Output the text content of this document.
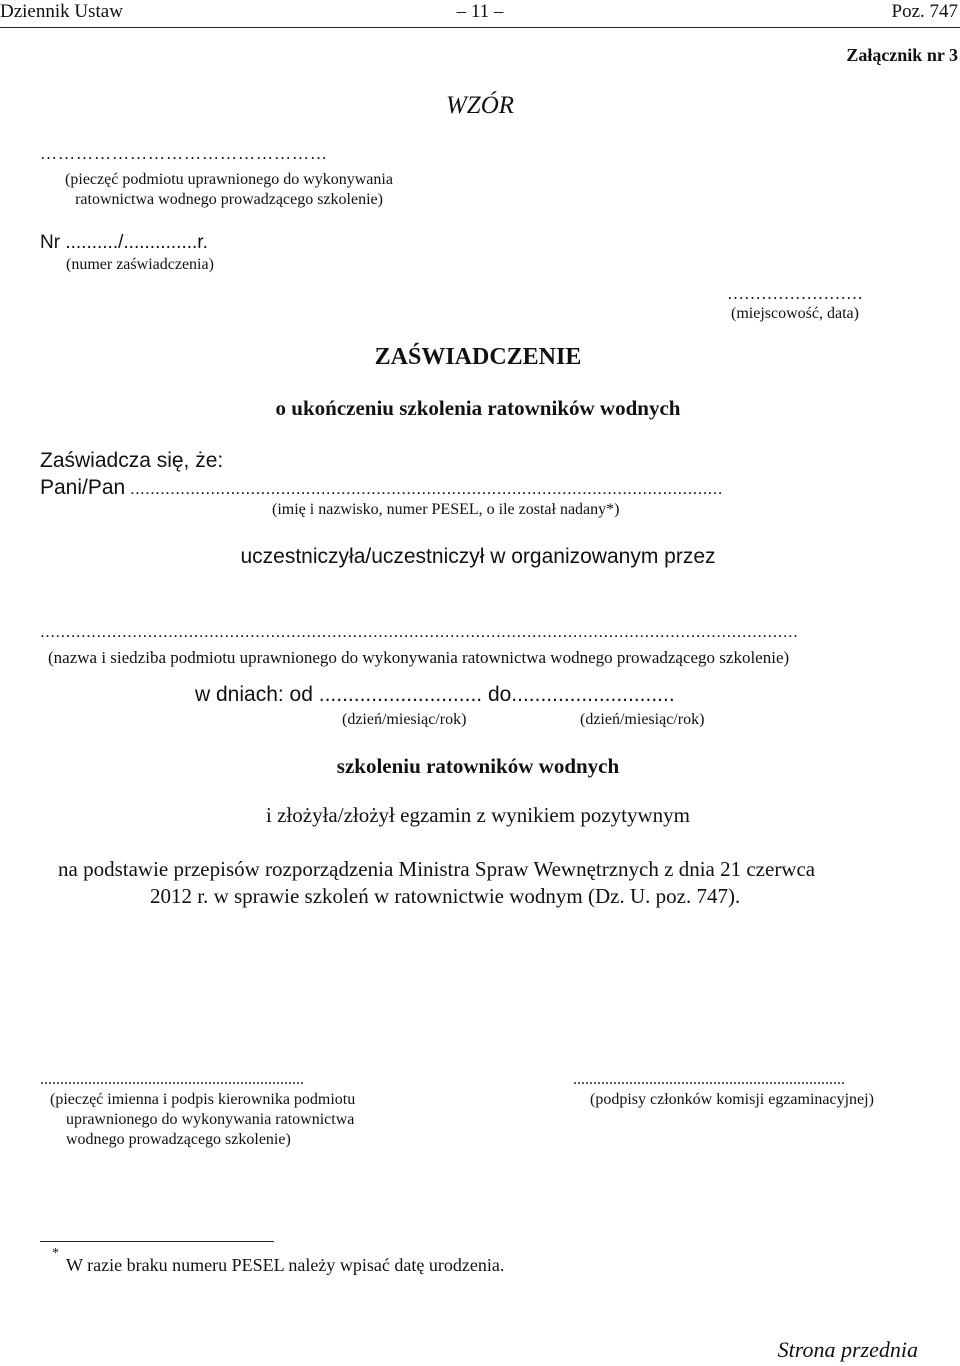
Dziennik Ustaw	– 11 –	Poz. 747
Załącznik nr 3
WZÓR
…………………………………………
(pieczęć podmiotu uprawnionego do wykonywania
ratownictwa wodnego prowadzącego szkolenie)
Nr ........../..............r.
(numer zaświadczenia)
……………………
(miejscowość, data)
ZAŚWIADCZENIE
o ukończeniu szkolenia ratowników wodnych
Zaświadcza się, że:
Pani/Pan ......................................................................................................................
(imię i nazwisko, numer PESEL, o ile został nadany*)
uczestniczyła/uczestniczył w organizowanym przez
....................................................................................................................................................
(nazwa i siedziba podmiotu uprawnionego do wykonywania ratownictwa wodnego prowadzącego szkolenie)
w dniach: od ............................ do............................
(dzień/miesiąc/rok)	(dzień/miesiąc/rok)
szkoleniu ratowników wodnych
i złożyła/złożył egzamin z wynikiem pozytywnym
na podstawie przepisów rozporządzenia Ministra Spraw Wewnętrznych z dnia 21 czerwca
2012 r. w sprawie szkoleń w ratownictwie wodnym (Dz. U. poz. 747).
..................................................................
(pieczęć imienna i podpis kierownika podmiotu
uprawnionego do wykonywania ratownictwa
wodnego prowadzącego szkolenie)
....................................................................
(podpisy członków komisji egzaminacyjnej)
*
W razie braku numeru PESEL należy wpisać datę urodzenia.
Strona przednia
